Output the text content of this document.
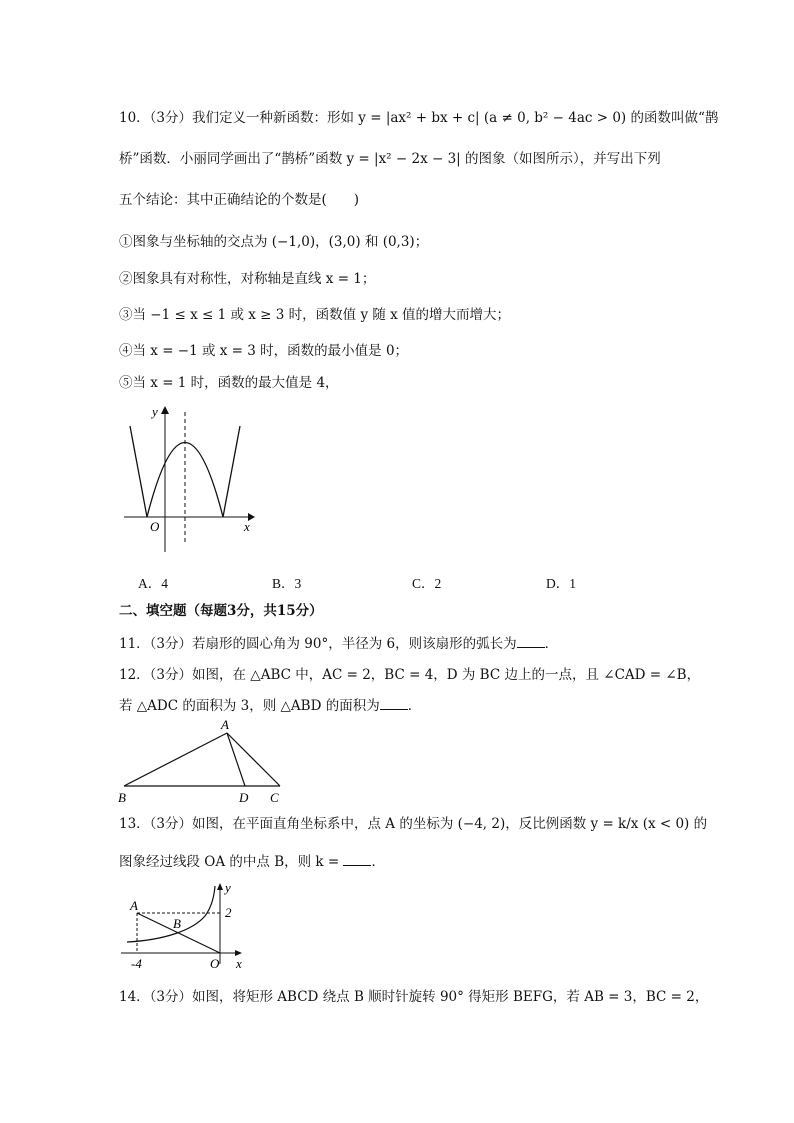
10．（3分）我们定义一种新函数：形如 y = |ax² + bx + c| (a ≠ 0, b² − 4ac > 0) 的函数叫做“鹊
桥”函数．小丽同学画出了“鹊桥”函数 y = |x² − 2x − 3| 的图象（如图所示），并写出下列
五个结论：其中正确结论的个数是(　　)
①图象与坐标轴的交点为 (−1,0)，(3,0) 和 (0,3)；
②图象具有对称性，对称轴是直线 x = 1；
③当 −1 ≤ x ≤ 1 或 x ≥ 3 时，函数值 y 随 x 值的增大而增大；
④当 x = −1 或 x = 3 时，函数的最小值是 0；
⑤当 x = 1 时，函数的最大值是 4，
y
x
O
A．4	B．3	C．2	D．1
二、填空题（每题3分，共15分）
11．（3分）若扇形的圆心角为 90°，半径为 6，则该扇形的弧长为 ．
12．（3分）如图，在 △ABC 中，AC = 2，BC = 4，D 为 BC 边上的一点，且 ∠CAD = ∠B，
若 △ADC 的面积为 3，则 △ABD 的面积为 ．
A
B	D C
13．（3分）如图，在平面直角坐标系中，点 A 的坐标为 (−4, 2)，反比例函数 y = k/x (x < 0) 的
图象经过线段 OA 的中点 B，则 k = ．
A
B
O x
y
2
-4
14．（3分）如图，将矩形 ABCD 绕点 B 顺时针旋转 90° 得矩形 BEFG，若 AB = 3，BC = 2，
